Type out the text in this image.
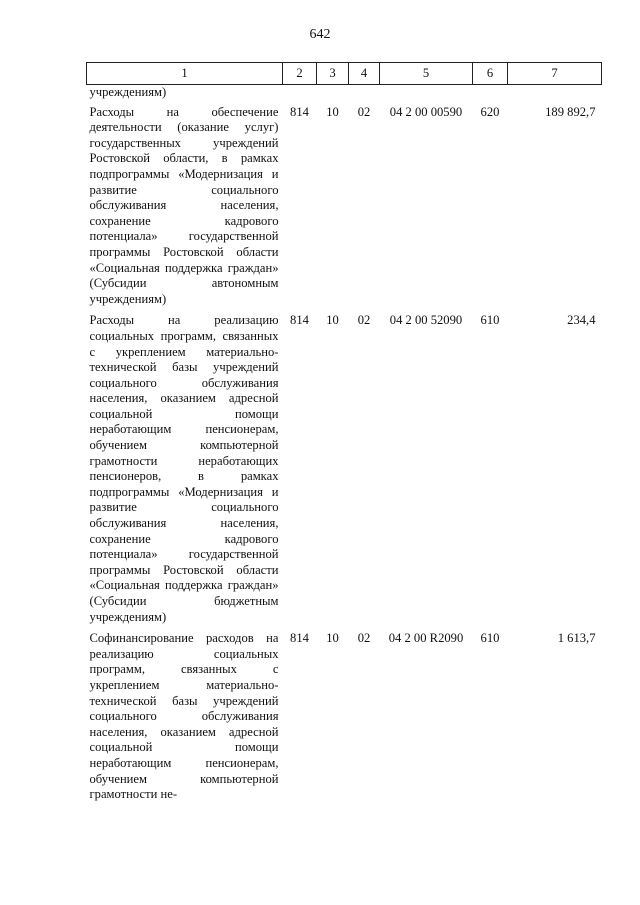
642
1	2	3	4	5	6	7
учреждениям)						
Расходы на обеспечение деятельности (оказание услуг) государственных учреждений Ростовской области, в рамках подпрограммы «Модернизация и развитие социального обслуживания населения, сохранение кадрового потенциала» государственной программы Ростовской области «Социальная поддержка граждан» (Субсидии автономным учреждениям)	814	10	02	04 2 00 00590	620	189 892,7
Расходы на реализацию социальных программ, связанных с укреплением материально-технической базы учреждений социального обслуживания населения, оказанием адресной социальной помощи неработающим пенсионерам, обучением компьютерной грамотности неработающих пенсионеров, в рамках подпрограммы «Модернизация и развитие социального обслуживания населения, сохранение кадрового потенциала» государственной программы Ростовской области «Социальная поддержка граждан» (Субсидии бюджетным учреждениям)	814	10	02	04 2 00 52090	610	234,4
Софинансирование расходов на реализацию социальных программ, связанных с укреплением материально-технической базы учреждений социального обслуживания населения, оказанием адресной социальной помощи неработающим пенсионерам, обучением компьютерной грамотности не-	814	10	02	04 2 00 R2090	610	1 613,7
